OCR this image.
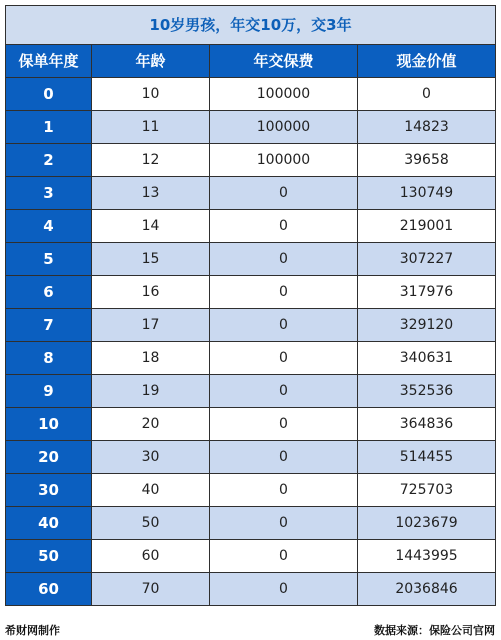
10岁男孩，年交10万，交3年			
保单年度	年龄	年交保费	现金价值
0	10	100000	0
1	11	100000	14823
2	12	100000	39658
3	13	0	130749
4	14	0	219001
5	15	0	307227
6	16	0	317976
7	17	0	329120
8	18	0	340631
9	19	0	352536
10	20	0	364836
20	30	0	514455
30	40	0	725703
40	50	0	1023679
50	60	0	1443995
60	70	0	2036846
希财网制作	数据来源：保险公司官网
